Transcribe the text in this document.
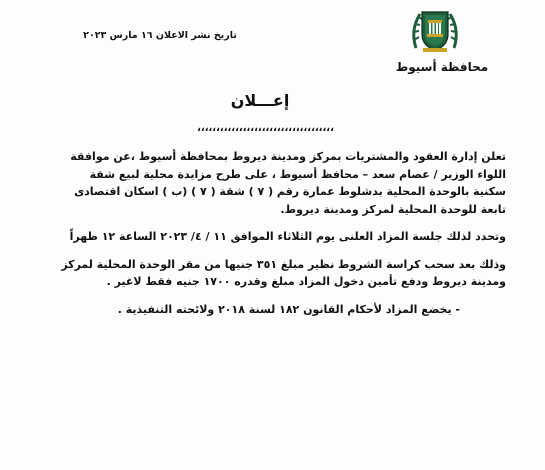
محافظة أسيوط
تاريخ نشر الاعلان ١٦ مارس ٢٠٢٣
إعـــلان
،،،،،،،،،،،،،،،،،،،،،،،،،،،،،،،،،،،،

تعلن إدارة العقود والمشتريات بمركز ومدينة ديروط بمحافظة أسيوط ،عن موافقة اللواء الوزير / عصام سعد – محافظ أسيوط ، على طرح مزايدة محلية لبيع شقة سكنية بالوحدة المحلية بدشلوط عمارة رقم ( ٧ ) شقة ( ٧ ) (ب ) اسكان اقتصادى تابعة للوحدة المحلية لمركز ومدينة ديروط.

وتحدد لذلك جلسة المزاد العلنى يوم الثلاثاء الموافق ١١ / ٤/ ٢٠٢٣ الساعة ١٢ ظهراً

وذلك بعد سحب كراسة الشروط نظير مبلغ ٣٥١ جنيها من مقر الوحدة المحلية لمركز ومدينة ديروط ودفع تأمين دخول المزاد مبلغ وقدره ١٧٠٠ جنيه فقط لاغير .

- يخضع المزاد لأحكام القانون ١٨٢ لسنة ٢٠١٨ ولائحته التنفيذية .
